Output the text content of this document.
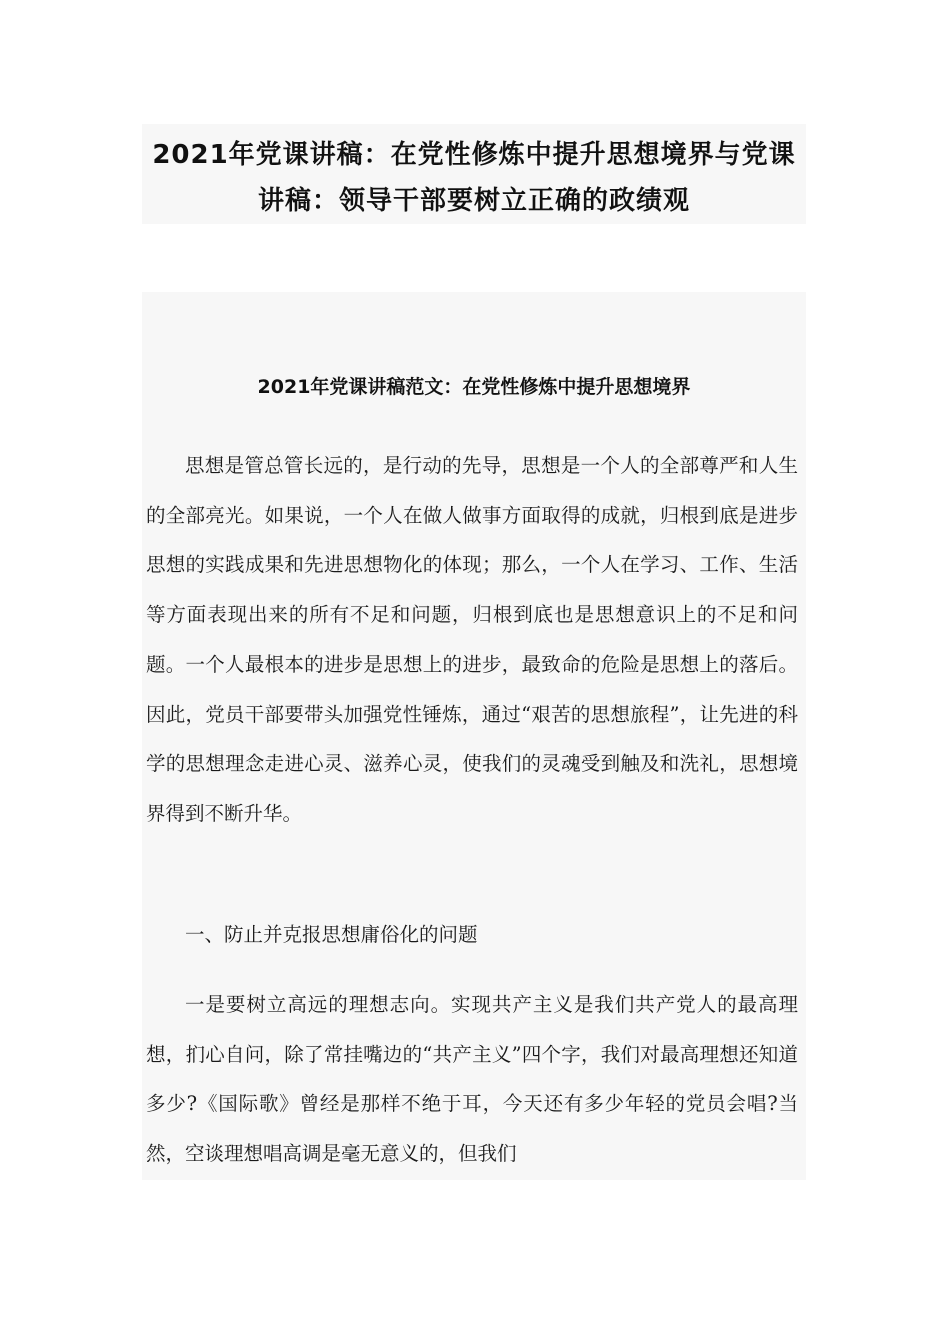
2021年党课讲稿：在党性修炼中提升思想境界与党课讲稿：领导干部要树立正确的政绩观
2021年党课讲稿范文：在党性修炼中提升思想境界

思想是管总管长远的，是行动的先导，思想是一个人的全部尊严和人生的全部亮光。如果说，一个人在做人做事方面取得的成就，归根到底是进步思想的实践成果和先进思想物化的体现；那么，一个人在学习、工作、生活等方面表现出来的所有不足和问题，归根到底也是思想意识上的不足和问题。一个人最根本的进步是思想上的进步，最致命的危险是思想上的落后。因此，党员干部要带头加强党性锤炼，通过“艰苦的思想旅程”，让先进的科学的思想理念走进心灵、滋养心灵，使我们的灵魂受到触及和洗礼，思想境界得到不断升华。

一、防止并克报思想庸俗化的问题

一是要树立高远的理想志向。实现共产主义是我们共产党人的最高理想，扪心自问，除了常挂嘴边的“共产主义”四个字，我们对最高理想还知道多少?《国际歌》曾经是那样不绝于耳，今天还有多少年轻的党员会唱?当然，空谈理想唱高调是毫无意义的，但我们
